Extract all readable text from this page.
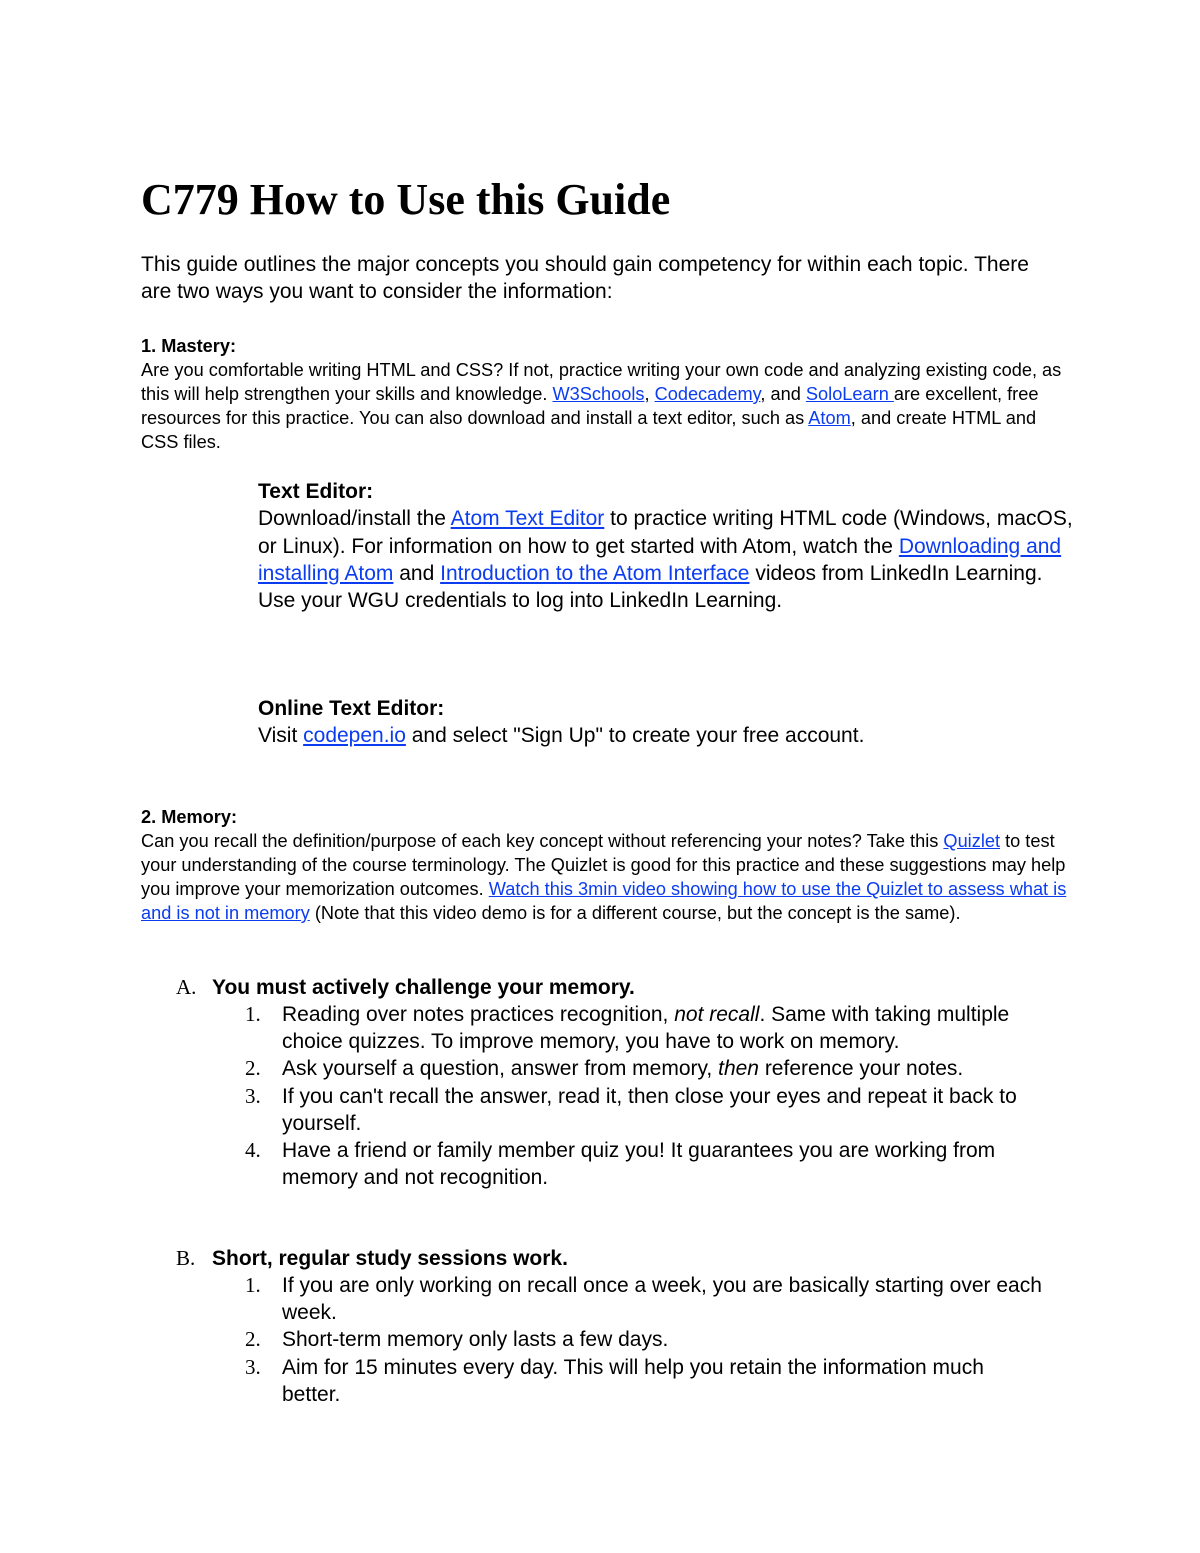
C779 How to Use this Guide
This guide outlines the major concepts you should gain competency for within each topic. There are two ways you want to consider the information:
1. Mastery:
Are you comfortable writing HTML and CSS? If not, practice writing your own code and analyzing existing code, as this will help strengthen your skills and knowledge. W3Schools, Codecademy, and SoloLearn are excellent, free resources for this practice. You can also download and install a text editor, such as Atom, and create HTML and CSS files.
Text Editor:
Download/install the Atom Text Editor to practice writing HTML code (Windows, macOS, or Linux). For information on how to get started with Atom, watch the Downloading and installing Atom and Introduction to the Atom Interface videos from LinkedIn Learning. Use your WGU credentials to log into LinkedIn Learning.
Online Text Editor:
Visit codepen.io and select "Sign Up" to create your free account.
2. Memory:
Can you recall the definition/purpose of each key concept without referencing your notes? Take this Quizlet to test your understanding of the course terminology. The Quizlet is good for this practice and these suggestions may help you improve your memorization outcomes. Watch this 3min video showing how to use the Quizlet to assess what is and is not in memory (Note that this video demo is for a different course, but the concept is the same).
A. You must actively challenge your memory.
1. Reading over notes practices recognition, not recall. Same with taking multiple choice quizzes. To improve memory, you have to work on memory.
2. Ask yourself a question, answer from memory, then reference your notes.
3. If you can't recall the answer, read it, then close your eyes and repeat it back to yourself.
4. Have a friend or family member quiz you! It guarantees you are working from memory and not recognition.
B. Short, regular study sessions work.
1. If you are only working on recall once a week, you are basically starting over each week.
2. Short-term memory only lasts a few days.
3. Aim for 15 minutes every day. This will help you retain the information much better.
